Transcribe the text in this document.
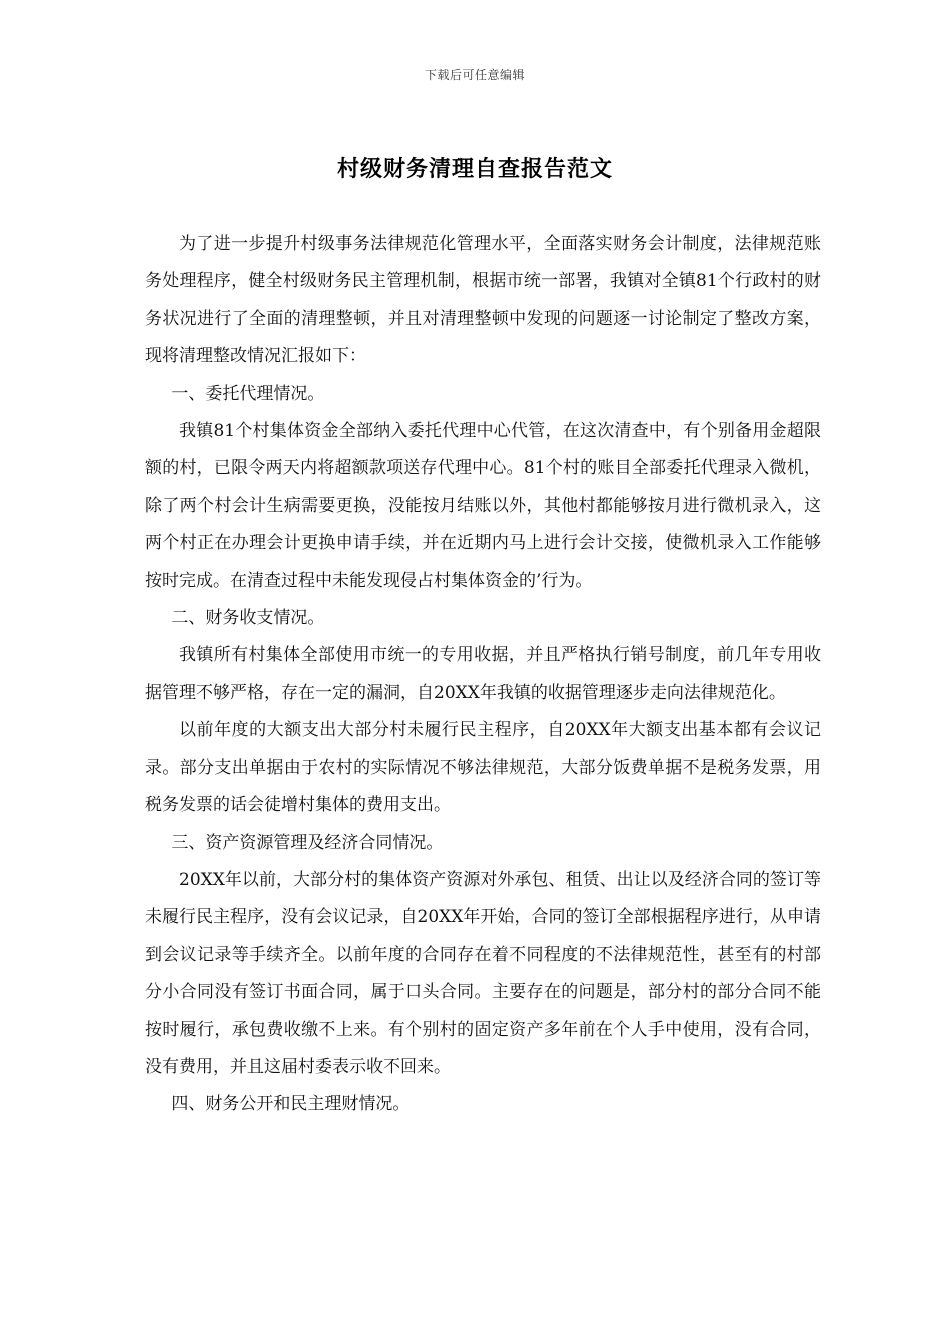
下载后可任意编辑
村级财务清理自查报告范文

为了进一步提升村级事务法律规范化管理水平，全面落实财务会计制度，法律规范账务处理程序，健全村级财务民主管理机制，根据市统一部署，我镇对全镇81个行政村的财务状况进行了全面的清理整顿，并且对清理整顿中发现的问题逐一讨论制定了整改方案，现将清理整改情况汇报如下：

一、委托代理情况。

我镇81个村集体资金全部纳入委托代理中心代管，在这次清查中，有个别备用金超限额的村，已限令两天内将超额款项送存代理中心。81个村的账目全部委托代理录入微机，除了两个村会计生病需要更换，没能按月结账以外，其他村都能够按月进行微机录入，这两个村正在办理会计更换申请手续，并在近期内马上进行会计交接，使微机录入工作能够按时完成。在清查过程中未能发现侵占村集体资金的’行为。

二、财务收支情况。

我镇所有村集体全部使用市统一的专用收据，并且严格执行销号制度，前几年专用收据管理不够严格，存在一定的漏洞，自20XX年我镇的收据管理逐步走向法律规范化。

以前年度的大额支出大部分村未履行民主程序，自20XX年大额支出基本都有会议记录。部分支出单据由于农村的实际情况不够法律规范，大部分饭费单据不是税务发票，用税务发票的话会徒增村集体的费用支出。

三、资产资源管理及经济合同情况。

20XX年以前，大部分村的集体资产资源对外承包、租赁、出让以及经济合同的签订等未履行民主程序，没有会议记录，自20XX年开始，合同的签订全部根据程序进行，从申请到会议记录等手续齐全。以前年度的合同存在着不同程度的不法律规范性，甚至有的村部分小合同没有签订书面合同，属于口头合同。主要存在的问题是，部分村的部分合同不能按时履行，承包费收缴不上来。有个别村的固定资产多年前在个人手中使用，没有合同，没有费用，并且这届村委表示收不回来。

四、财务公开和民主理财情况。
